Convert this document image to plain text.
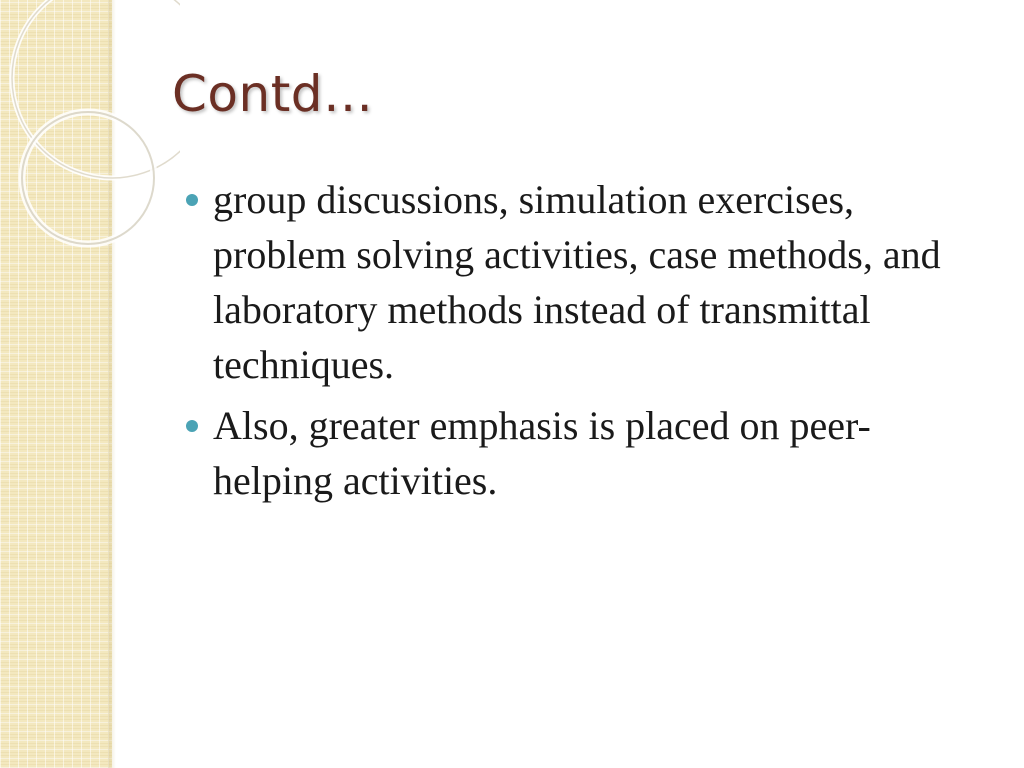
Contd…
group discussions, simulation exercises, problem solving activities, case methods, and laboratory methods instead of transmittal techniques.
Also, greater emphasis is placed on peer-helping activities.
